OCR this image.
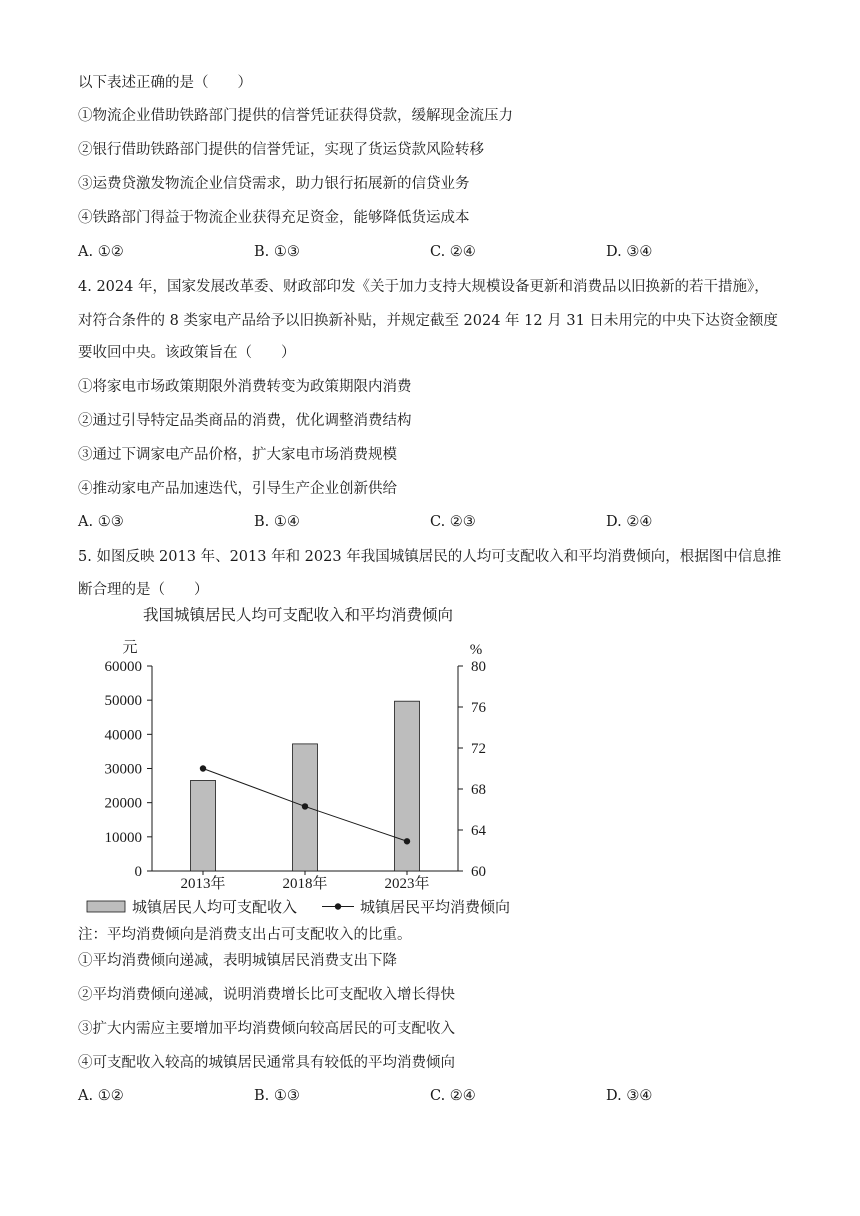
以下表述正确的是（　　）
①物流企业借助铁路部门提供的信誉凭证获得贷款，缓解现金流压力
②银行借助铁路部门提供的信誉凭证，实现了货运贷款风险转移
③运费贷激发物流企业信贷需求，助力银行拓展新的信贷业务
④铁路部门得益于物流企业获得充足资金，能够降低货运成本
A. ①②	B. ①③	C. ②④	D. ③④
4. 2024 年，国家发展改革委、财政部印发《关于加力支持大规模设备更新和消费品以旧换新的若干措施》，
对符合条件的 8 类家电产品给予以旧换新补贴，并规定截至 2024 年 12 月 31 日未用完的中央下达资金额度
要收回中央。该政策旨在（　　）
①将家电市场政策期限外消费转变为政策期限内消费
②通过引导特定品类商品的消费，优化调整消费结构
③通过下调家电产品价格，扩大家电市场消费规模
④推动家电产品加速迭代，引导生产企业创新供给
A. ①③	B. ①④	C. ②③	D. ②④
5. 如图反映 2013 年、2013 年和 2023 年我国城镇居民的人均可支配收入和平均消费倾向，根据图中信息推
断合理的是（　　）
我国城镇居民人均可支配收入和平均消费倾向
元	%
0
10000
20000
30000
40000
50000
60000
60
64
68
72
76
80
2013年	2018年	2023年
城镇居民人均可支配收入	城镇居民平均消费倾向
注：平均消费倾向是消费支出占可支配收入的比重。
①平均消费倾向递减，表明城镇居民消费支出下降
②平均消费倾向递减，说明消费增长比可支配收入增长得快
③扩大内需应主要增加平均消费倾向较高居民的可支配收入
④可支配收入较高的城镇居民通常具有较低的平均消费倾向
A. ①②	B. ①③	C. ②④	D. ③④
